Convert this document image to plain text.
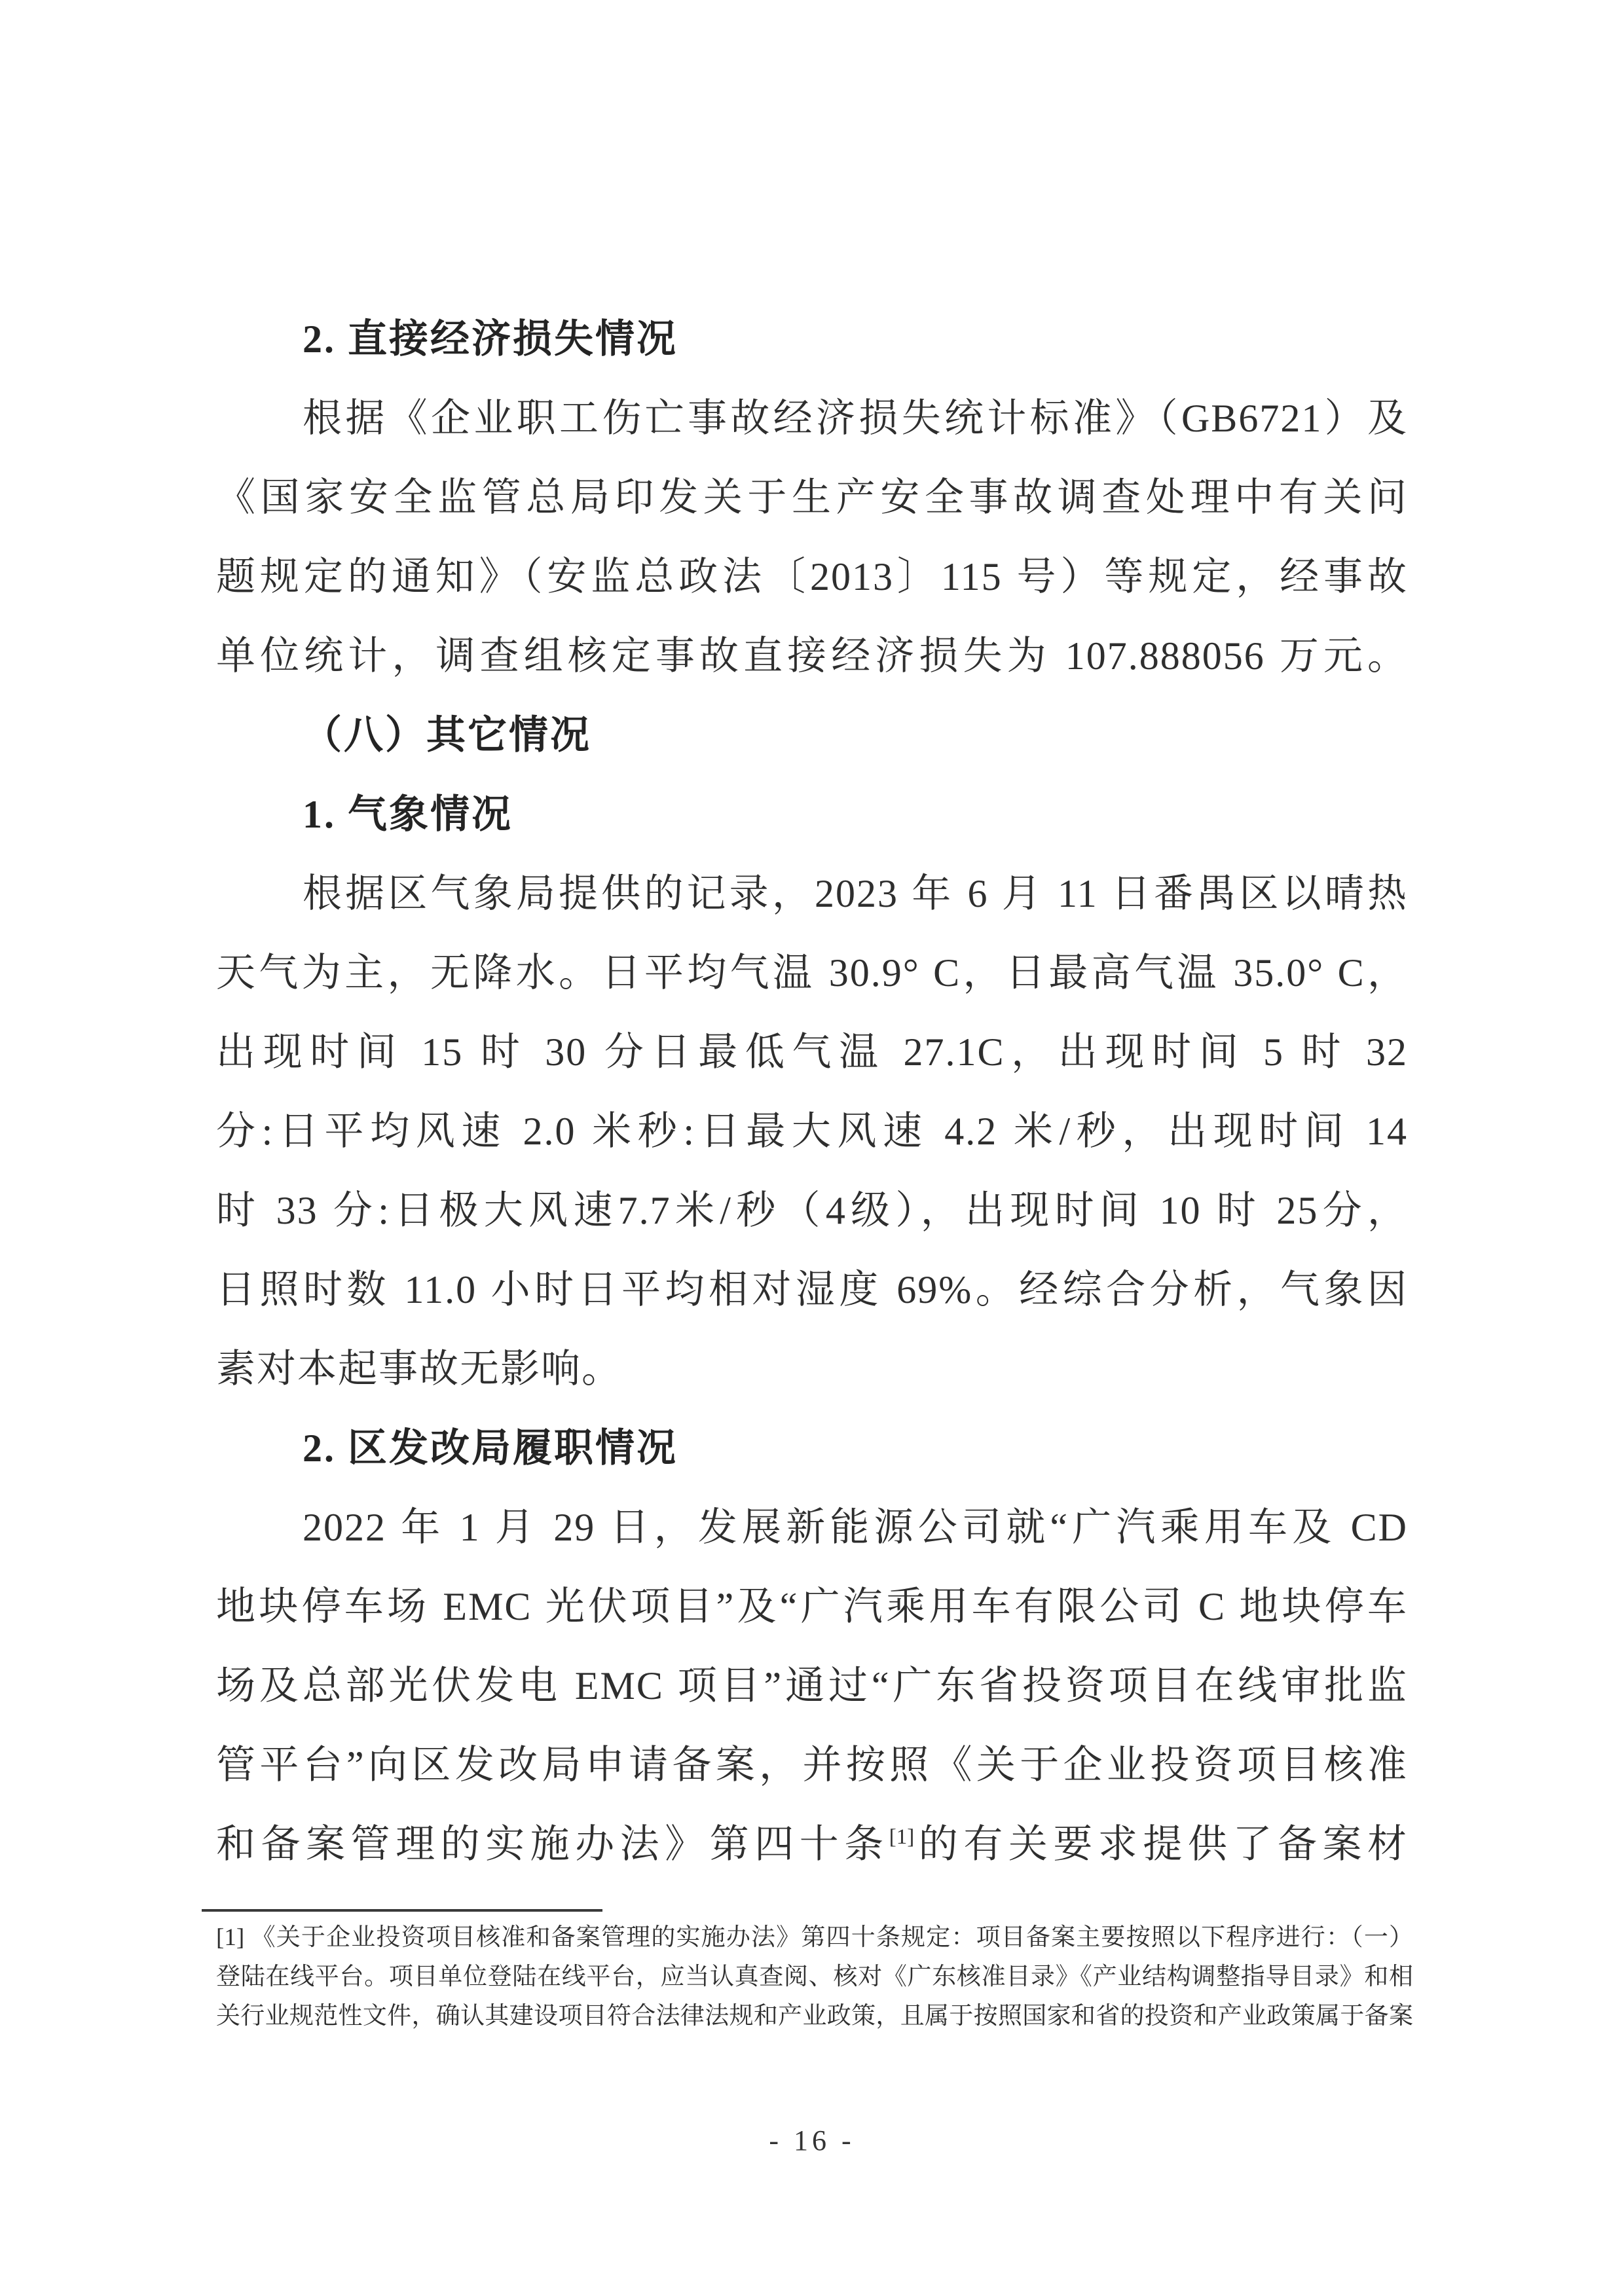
2. 直接经济损失情况
根据《企业职工伤亡事故经济损失统计标准》（GB6721）及
《国家安全监管总局印发关于生产安全事故调查处理中有关问
题规定的通知》（安监总政法〔2013〕115 号）等规定，经事故
单位统计，调查组核定事故直接经济损失为 107.888056 万元。
（八）其它情况
1. 气象情况
根据区气象局提供的记录，2023 年 6 月 11 日番禺区以晴热
天气为主，无降水。日平均气温 30.9° C，日最高气温 35.0° C，
出现时间 15 时 30 分日最低气温 27.1C，出现时间 5 时 32
分:日平均风速 2.0 米秒:日最大风速 4.2 米/秒，出现时间 14
时 33 分:日极大风速7.7米/秒（4级），出现时间 10 时 25分，
日照时数 11.0 小时日平均相对湿度 69%。经综合分析，气象因
素对本起事故无影响。
2. 区发改局履职情况
2022 年 1 月 29 日，发展新能源公司就“广汽乘用车及 CD
地块停车场 EMC 光伏项目”及“广汽乘用车有限公司 C 地块停车
场及总部光伏发电 EMC 项目”通过“广东省投资项目在线审批监
管平台”向区发改局申请备案，并按照《关于企业投资项目核准
和备案管理的实施办法》第四十条[1]的有关要求提供了备案材
[1] 《关于企业投资项目核准和备案管理的实施办法》第四十条规定：项目备案主要按照以下程序进行：（一）
登陆在线平台。项目单位登陆在线平台，应当认真查阅、核对《广东核准目录》《产业结构调整指导目录》和相
关行业规范性文件，确认其建设项目符合法律法规和产业政策，且属于按照国家和省的投资和产业政策属于备案
- 16 -
